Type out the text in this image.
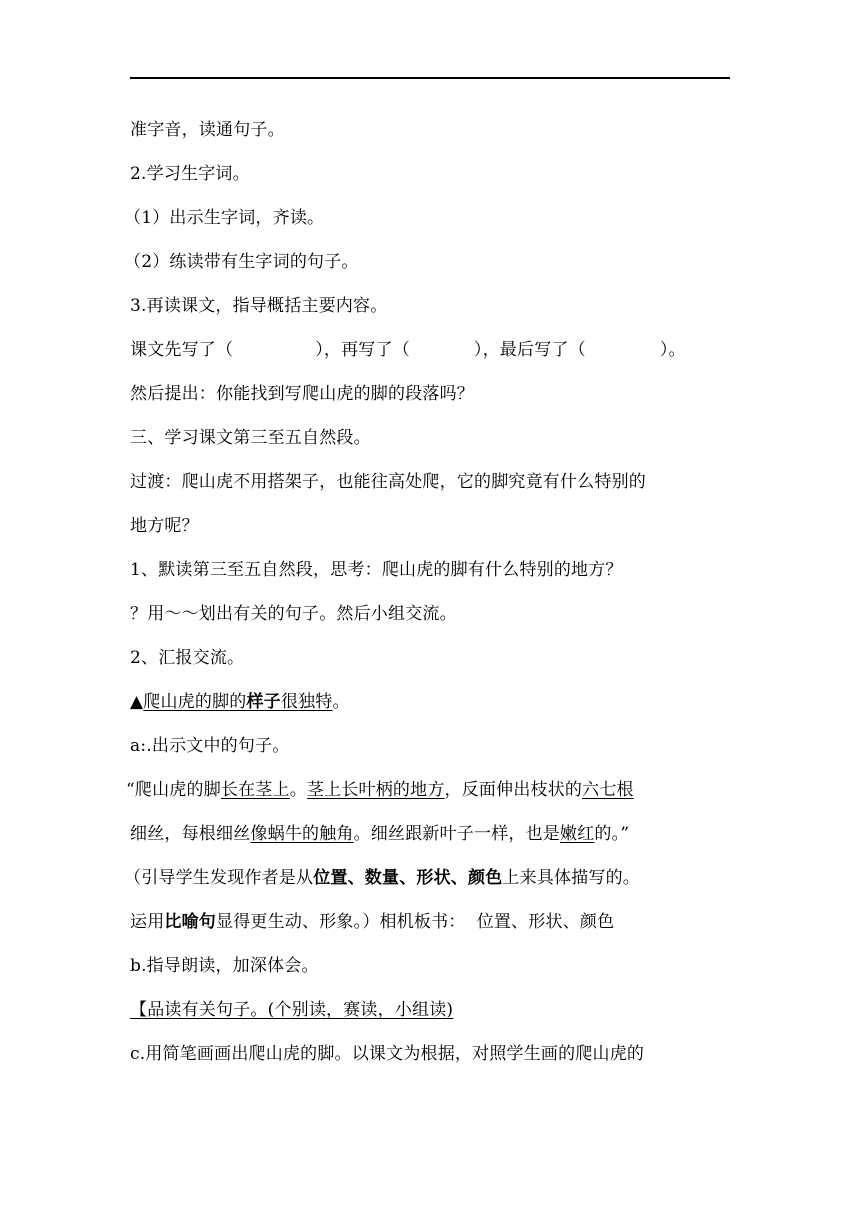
准字音，读通句子。
2.学习生字词。
（1）出示生字词，齐读。
（2）练读带有生字词的句子。
3.再读课文，指导概括主要内容。
课文先写了（	），再写了（	），最后写了（	）。
然后提出：你能找到写爬山虎的脚的段落吗？
三、学习课文第三至五自然段。
过渡：爬山虎不用搭架子，也能往高处爬，它的脚究竟有什么特别的
地方呢？
1、默读第三至五自然段，思考：爬山虎的脚有什么特别的地方？
？用～～划出有关的句子。然后小组交流。
2、汇报交流。
▲爬山虎的脚的样子很独特。
a:.出示文中的句子。
“爬山虎的脚长在茎上。茎上长叶柄的地方，反面伸出枝状的六七根
细丝，每根细丝像蜗牛的触角。细丝跟新叶子一样，也是嫩红的。”
（引导学生发现作者是从位置、数量、形状、颜色上来具体描写的。
运用比喻句显得更生动、形象。）相机板书：  位置、形状、颜色
b.指导朗读，加深体会。
【品读有关句子。(个别读，赛读，小组读)
c.用简笔画画出爬山虎的脚。以课文为根据，对照学生画的爬山虎的
